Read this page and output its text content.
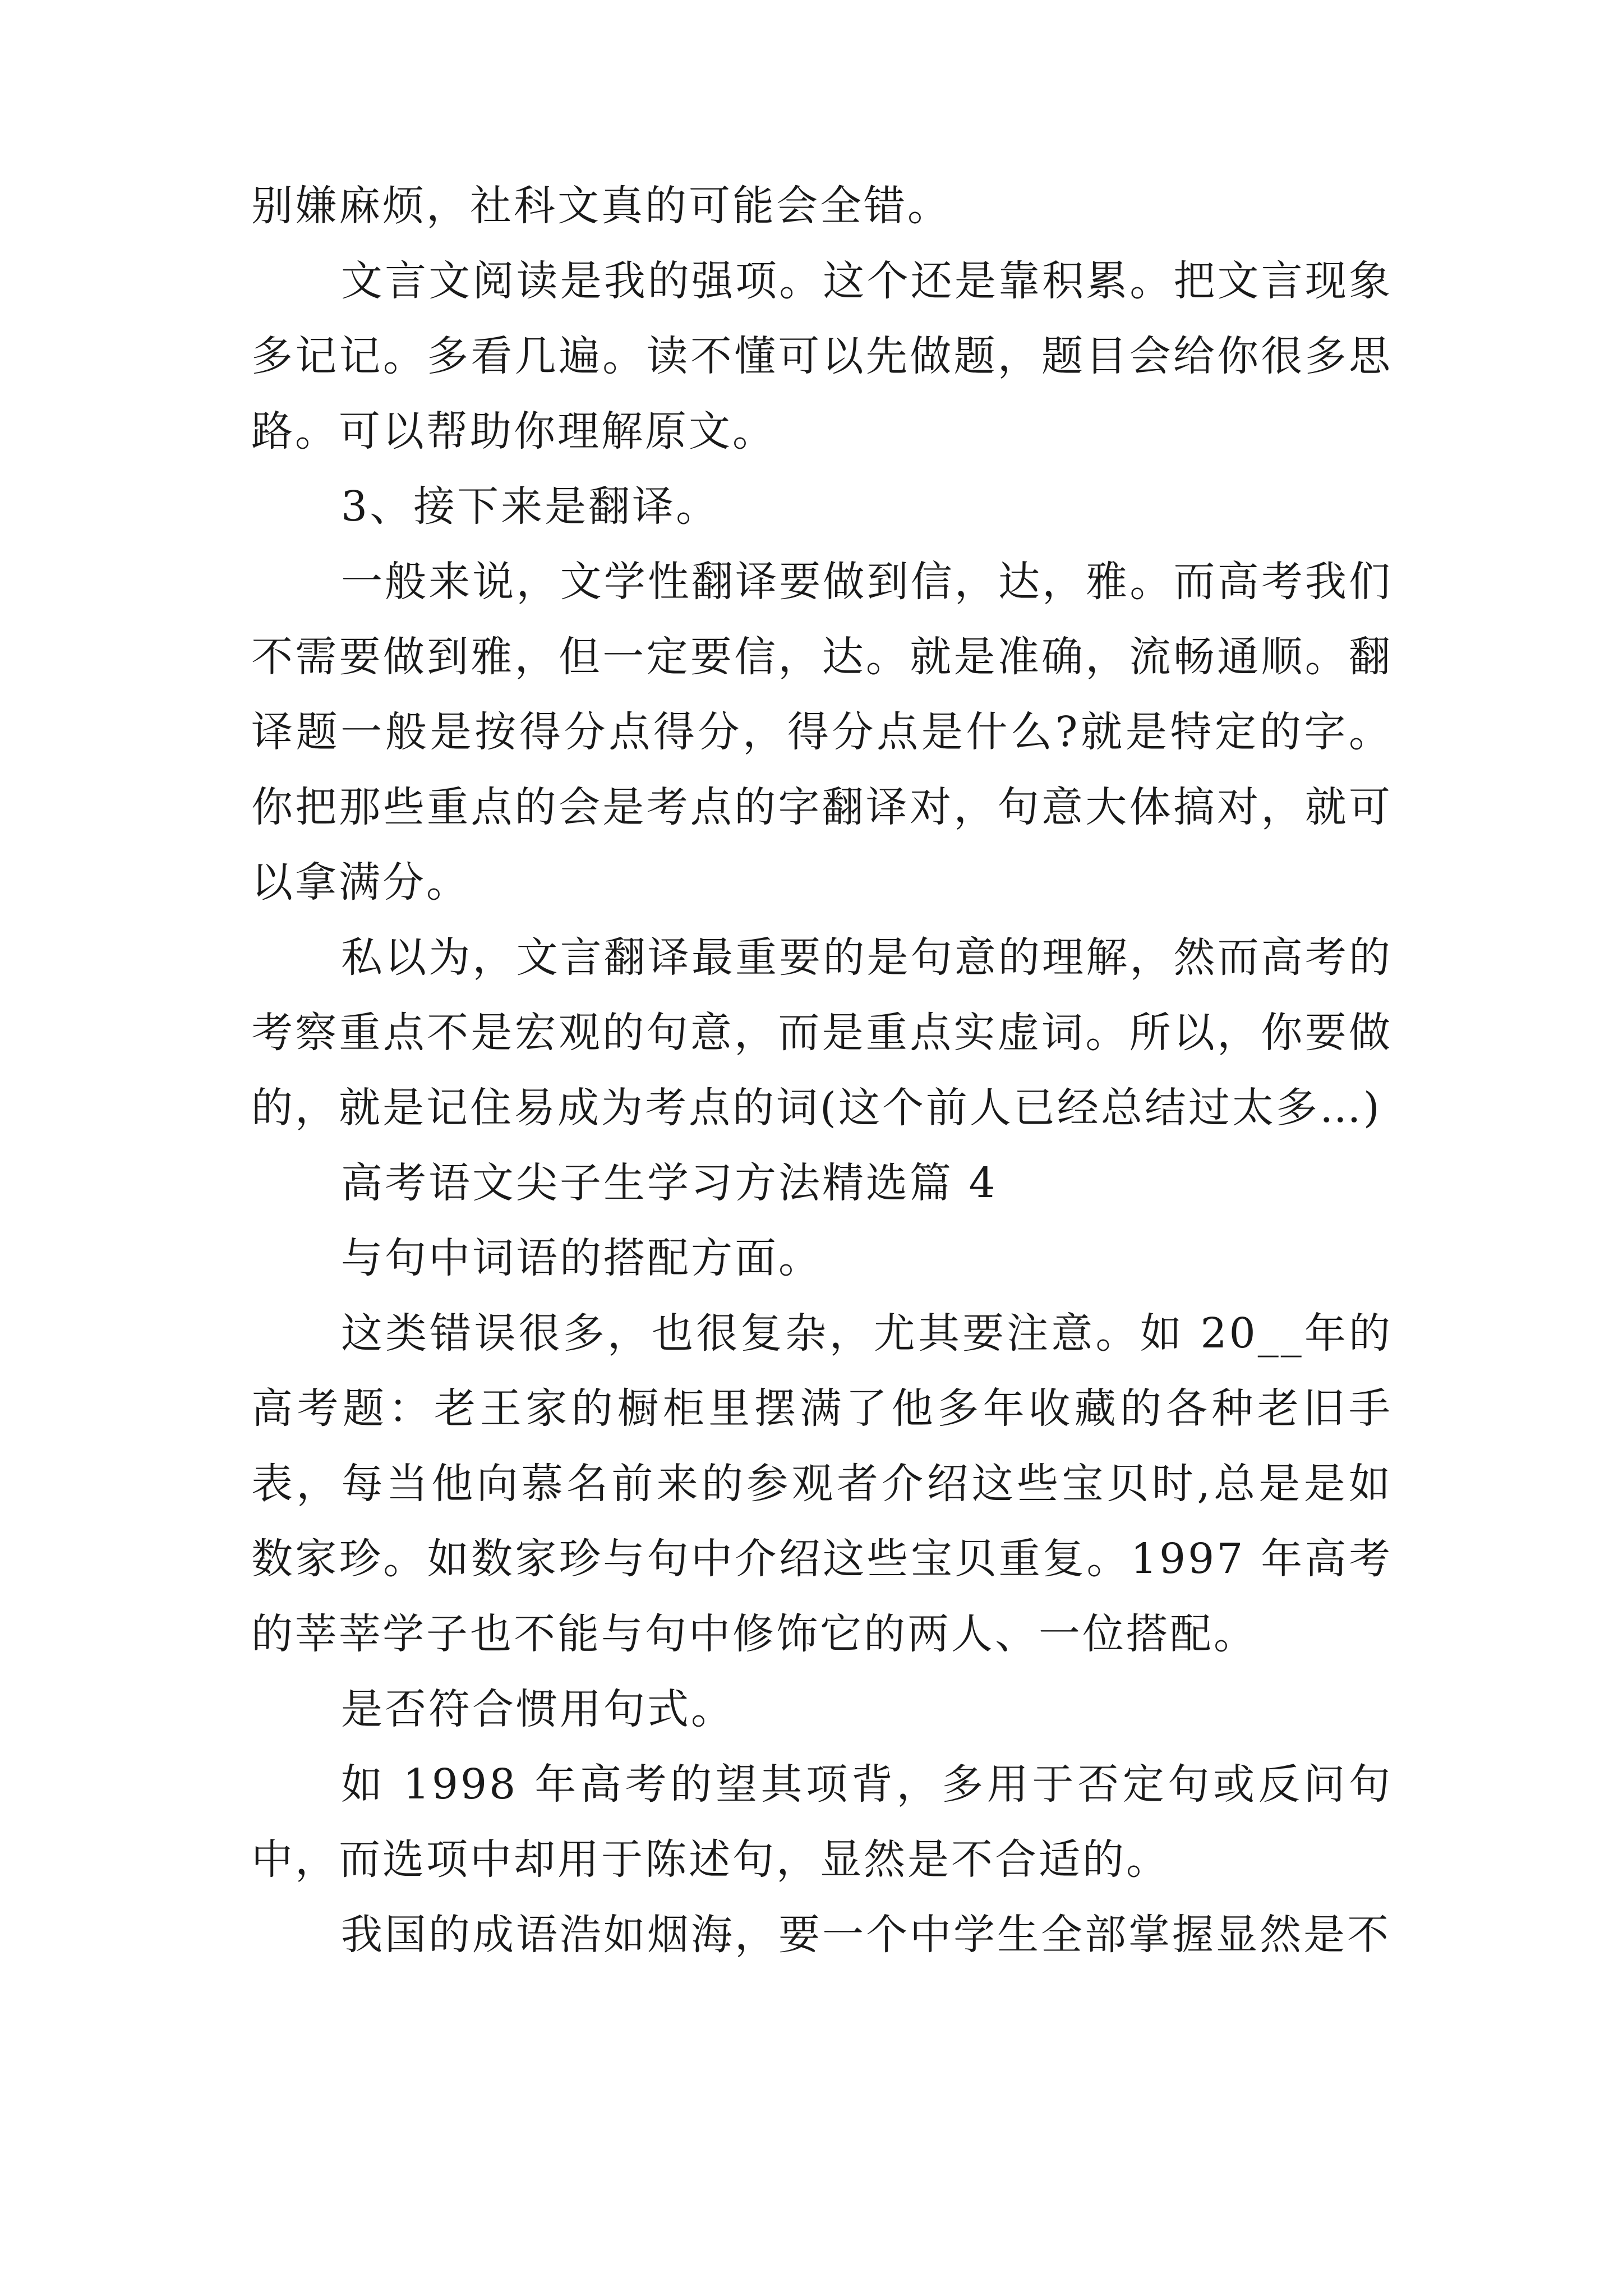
别嫌麻烦，社科文真的可能会全错。

文言文阅读是我的强项。这个还是靠积累。把文言现象多记记。多看几遍。读不懂可以先做题，题目会给你很多思路。可以帮助你理解原文。

3、接下来是翻译。

一般来说，文学性翻译要做到信，达，雅。而高考我们不需要做到雅，但一定要信，达。就是准确，流畅通顺。翻译题一般是按得分点得分，得分点是什么?就是特定的字。你把那些重点的会是考点的字翻译对，句意大体搞对，就可以拿满分。

私以为，文言翻译最重要的是句意的理解，然而高考的考察重点不是宏观的句意，而是重点实虚词。所以，你要做的，就是记住易成为考点的词(这个前人已经总结过太多…)

高考语文尖子生学习方法精选篇 4

与句中词语的搭配方面。

这类错误很多，也很复杂，尤其要注意。如 20__年的高考题：老王家的橱柜里摆满了他多年收藏的各种老旧手表，每当他向慕名前来的参观者介绍这些宝贝时,总是是如数家珍。如数家珍与句中介绍这些宝贝重复。1997 年高考的莘莘学子也不能与句中修饰它的两人、一位搭配。

是否符合惯用句式。

如 1998 年高考的望其项背，多用于否定句或反问句中，而选项中却用于陈述句，显然是不合适的。

我国的成语浩如烟海，要一个中学生全部掌握显然是不
